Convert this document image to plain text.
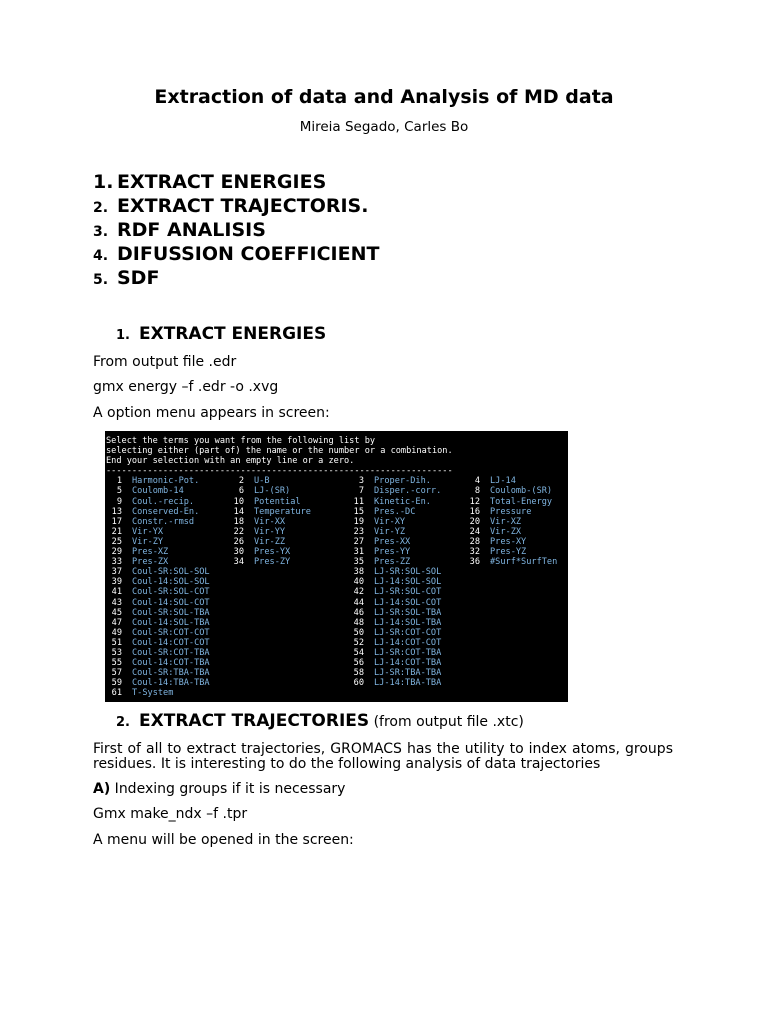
Extraction of data and Analysis of MD data
Mireia Segado, Carles Bo
1. EXTRACT ENERGIES
2. EXTRACT TRAJECTORIS.
3. RDF ANALISIS
4. DIFUSSION COEFFICIENT
5. SDF
1. EXTRACT ENERGIES
From output file .edr
gmx energy –f .edr -o .xvg
A option menu appears in screen:
Select the terms you want from the following list by
selecting either (part of) the name or the number or a combination.
End your selection with an empty line or a zero.
-------------------------------------------------------------------
1	Harmonic-Pot.	2	U-B	3	Proper-Dih.	4	LJ-14
5	Coulomb-14	6	LJ-(SR)	7	Disper.-corr.	8	Coulomb-(SR)
9	Coul.-recip.	10	Potential	11	Kinetic-En.	12	Total-Energy
13	Conserved-En.	14	Temperature	15	Pres.-DC	16	Pressure
17	Constr.-rmsd	18	Vir-XX	19	Vir-XY	20	Vir-XZ
21	Vir-YX	22	Vir-YY	23	Vir-YZ	24	Vir-ZX
25	Vir-ZY	26	Vir-ZZ	27	Pres-XX	28	Pres-XY
29	Pres-XZ	30	Pres-YX	31	Pres-YY	32	Pres-YZ
33	Pres-ZX	34	Pres-ZY	35	Pres-ZZ	36	#Surf*SurfTen
37	Coul-SR:SOL-SOL	38	LJ-SR:SOL-SOL
39	Coul-14:SOL-SOL	40	LJ-14:SOL-SOL
41	Coul-SR:SOL-COT	42	LJ-SR:SOL-COT
43	Coul-14:SOL-COT	44	LJ-14:SOL-COT
45	Coul-SR:SOL-TBA	46	LJ-SR:SOL-TBA
47	Coul-14:SOL-TBA	48	LJ-14:SOL-TBA
49	Coul-SR:COT-COT	50	LJ-SR:COT-COT
51	Coul-14:COT-COT	52	LJ-14:COT-COT
53	Coul-SR:COT-TBA	54	LJ-SR:COT-TBA
55	Coul-14:COT-TBA	56	LJ-14:COT-TBA
57	Coul-SR:TBA-TBA	58	LJ-SR:TBA-TBA
59	Coul-14:TBA-TBA	60	LJ-14:TBA-TBA
61	T-System
2. EXTRACT TRAJECTORIES (from output file .xtc)
First of all to extract trajectories, GROMACS has the utility to index atoms, groups residues. It is interesting to do the following analysis of data trajectories
A) Indexing groups if it is necessary
Gmx make_ndx –f .tpr
A menu will be opened in the screen:
